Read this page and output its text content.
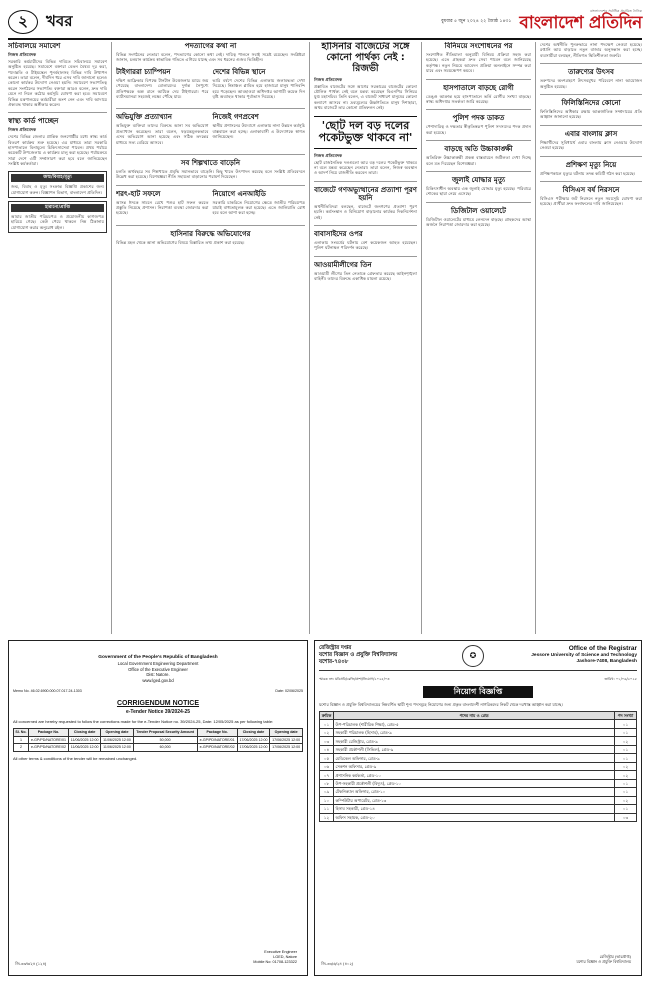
২	খবর	বুধবার ৫ জুন ২০২৪ ২২ জ্যৈষ্ঠ ১৪৩১
বাংলাদেশের সর্বাধিক প্রচারিত দৈনিক
বাংলাদেশ প্রতিদিন
সচিবালয়ে সমাবেশ
নিজস্ব প্রতিবেদক
সরকারি কর্মচারীদের বিভিন্ন দাবিতে সচিবালয়ে সমাবেশ অনুষ্ঠিত হয়েছে। সমাবেশে বক্তারা বেতন বৈষম্য দূর করা, পদোন্নতি ও টাইমস্কেল পুনর্বহালসহ বিভিন্ন দাবি উত্থাপন করেন। তারা বলেন, দীর্ঘদিন ধরে এসব দাবি জানানো হলেও কোনো কার্যকর উদ্যোগ নেওয়া হয়নি। সমাবেশে সভাপতিত্ব করেন সংগঠনের সভাপতি। বক্তারা আরও বলেন, দ্রুত দাবি মেনে না নিলে কঠোর কর্মসূচি ঘোষণা করা হবে। সমাবেশে বিভিন্ন মন্ত্রণালয়ের কর্মচারীরা অংশ নেন এবং দাবি আদায়ে ঐক্যবদ্ধ থাকার অঙ্গীকার করেন।
স্বাস্থ্য কার্ড পাচ্ছেন
নিজস্ব প্রতিবেদক
দেশের বিভিন্ন জেলার প্রান্তিক জনগোষ্ঠীর মধ্যে স্বাস্থ্য কার্ড বিতরণ কার্যক্রম শুরু হয়েছে। এর মাধ্যমে তারা সরকারি হাসপাতালে বিনামূল্যে চিকিৎসাসেবা পাবেন। প্রথম পর্যায়ে কয়েকটি উপজেলায় এ কার্যক্রম চালু করা হয়েছে। পর্যায়ক্রমে সারা দেশে এটি সম্প্রসারণ করা হবে বলে জানিয়েছেন সংশ্লিষ্ট কর্মকর্তারা।
জন্ম/বিবাহ/মৃত্যু
জন্ম, বিবাহ ও মৃত্যু সংক্রান্ত বিজ্ঞপ্তি প্রকাশের জন্য যোগাযোগ করুন। বিজ্ঞাপন বিভাগ, বাংলাদেশ প্রতিদিন।
হারানো/প্রাপ্তি
আমার জাতীয় পরিচয়পত্র ও প্রয়োজনীয় কাগজপত্র হারিয়ে গেছে। কেউ পেয়ে থাকলে নিম্ন ঠিকানায় যোগাযোগ করার অনুরোধ রইল।
পদত্যাগের কথা না
বিভিন্ন সংগঠনের নেতারা বলেন, পদত্যাগের কোনো কথা নেই। দায়িত্ব পালনে সবাই সচেষ্ট রয়েছেন। সংশ্লিষ্টরা জানান, চলমান কার্যক্রম স্বাভাবিক গতিতে এগিয়ে যাচ্ছে এবং সব ধরনের গুজব ভিত্তিহীন।
টাইগাররা চ্যাম্পিয়ন
দক্ষিণ আফ্রিকার বিপক্ষে টানটান উত্তেজনার ম্যাচে জয় পেয়েছে বাংলাদেশ। বোলারদের দুর্দান্ত নৈপুণ্যে প্রতিপক্ষকে অল্প রানে আটকে দেয় টাইগাররা। পরে ব্যাটসম্যানরা সহজেই লক্ষ্যে পৌঁছে যায়।
দেশের বিভিন্ন স্থানে
ভারি বর্ষণে দেশের বিভিন্ন এলাকায় জলাবদ্ধতা দেখা দিয়েছে। নিম্নাঞ্চল প্লাবিত হয়ে হাজারো মানুষ পানিবন্দি হয়ে পড়েছেন। আবহাওয়া অধিদপ্তর আগামী কয়েক দিন বৃষ্টি অব্যাহত থাকার পূর্বাভাস দিয়েছে।
অভিযুক্তি প্রত্যাখ্যান
অভিযুক্ত ব্যক্তিরা তাদের বিরুদ্ধে আনা সব অভিযোগ প্রত্যাখ্যান করেছেন। তারা বলেন, ষড়যন্ত্রমূলকভাবে এসব অভিযোগ আনা হয়েছে এবং সঠিক তদন্তের মাধ্যমে সত্য বেরিয়ে আসবে।
নিজেই গণপ্রবেশ
স্থানীয় প্রশাসনের উদ্যোগে এলাকায় নানা উন্নয়ন কর্মসূচি বাস্তবায়ন করা হচ্ছে। এলাকাবাসী এ উদ্যোগকে স্বাগত জানিয়েছেন।
সব শিল্পখাতে বাড়েনি
চলতি অর্থবছরে সব শিল্পখাতে প্রবৃদ্ধি সমানভাবে বাড়েনি। কিছু খাতে উৎপাদন কমেছে বলে সংশ্লিষ্ট প্রতিবেদনে উল্লেখ করা হয়েছে। বিশেষজ্ঞরা নীতি সহায়তা বাড়ানোর পরামর্শ দিয়েছেন।
শরৎ-হাট সফলে
আসন্ন ঈদকে সামনে রেখে পশুর হাট সফল করতে প্রস্তুতি নিয়েছে প্রশাসন। নিরাপত্তা ব্যবস্থা জোরদার করা হয়েছে।
নিয়োগে এনআইডি
সরকারি চাকরিতে নিয়োগের ক্ষেত্রে জাতীয় পরিচয়পত্র যাচাই বাধ্যতামূলক করা হয়েছে। এতে জালিয়াতি রোধ হবে বলে আশা করা হচ্ছে।
হাসিনার বিরুদ্ধে অভিযোগের
বিভিন্ন মহল থেকে আনা অভিযোগের বিষয়ে বিস্তারিত তথ্য প্রকাশ করা হয়েছে।
হাসিনার বাজেটের সঙ্গে কোনো পার্থক্য নেই : রিজভী
নিজস্ব প্রতিবেদক
প্রস্তাবিত বাজেটের সঙ্গে আগের সরকারের বাজেটের কোনো মৌলিক পার্থক্য নেই বলে মন্তব্য করেছেন বিএনপির সিনিয়র যুগ্ম মহাসচিব। তিনি বলেন, এ বাজেট সাধারণ মানুষের কোনো কল্যাণে আসবে না। দ্রব্যমূল্যের ঊর্ধ্বগতিতে মানুষ দিশাহারা, অথচ বাজেটে তার কোনো প্রতিফলন নেই।
'ছোট দল বড় দলের পকেটভুক্ত থাকবে না'
নিজস্ব প্রতিবেদক
ছোট রাজনৈতিক দলগুলো আর বড় দলের পকেটভুক্ত থাকবে না বলে মন্তব্য করেছেন নেতারা। তারা বলেন, নিজস্ব অবস্থান ও আদর্শ নিয়ে রাজনীতি করবেন তারা।
বাজেটে গণঅভ্যুত্থানের প্রত্যাশা পূরণ হয়নি
অর্থনীতিবিদরা বলছেন, বাজেটে জনগণের প্রত্যাশা পূরণ হয়নি। কর্মসংস্থান ও বিনিয়োগ বাড়ানোর কার্যকর দিকনির্দেশনা নেই।
বাবাসাইদের ওপর
এলাকায় সংঘর্ষের ঘটনায় বেশ কয়েকজন আহত হয়েছেন। পুলিশ ঘটনাস্থল পরিদর্শন করেছে।
আওয়ামীলীগের তিন
আওয়ামী লীগের তিন নেতাকে গ্রেফতার করেছে আইনশৃঙ্খলা বাহিনী। তাদের বিরুদ্ধে একাধিক মামলা রয়েছে।
বিনিময়ে সংশোধনের পর
সংশোধিত নীতিমালা অনুযায়ী বিনিময় প্রক্রিয়া সহজ করা হয়েছে। এতে গ্রাহকরা দ্রুত সেবা পাবেন বলে জানিয়েছে কর্তৃপক্ষ। নতুন নিয়মে আবেদন প্রক্রিয়া অনলাইনে সম্পন্ন করা যাবে এবং সময়ক্ষেপণ কমবে।
হাসপাতালে বাড়ছে রোগী
ডেঙ্গু আক্রান্ত হয়ে হাসপাতালে ভর্তি রোগীর সংখ্যা বাড়ছে। স্বাস্থ্য অধিদপ্তর সতর্কতা জারি করেছে।
পুলিশ পদক ডাকত
পেশাদারিত্ব ও দক্ষতার স্বীকৃতিস্বরূপ পুলিশ সদস্যদের পদক প্রদান করা হয়েছে।
বাড়ছে অতি উচ্চাকাঙ্ক্ষী
অতিরিক্ত উচ্চাকাঙ্ক্ষী প্রকল্প বাস্তবায়নে জটিলতা দেখা দিচ্ছে বলে মত দিয়েছেন বিশেষজ্ঞরা।
জুলাই যোদ্ধার মৃত্যু
চিকিৎসাধীন অবস্থায় এক জুলাই যোদ্ধার মৃত্যু হয়েছে। পরিবারে শোকের ছায়া নেমে এসেছে।
ডিজিটাল ওয়ালেটে
ডিজিটাল ওয়ালেটের মাধ্যমে লেনদেন বাড়ছে। গ্রাহকদের আস্থা অর্জনে নিরাপত্তা জোরদার করা হয়েছে।
দেশের অর্থনীতি পুনরুদ্ধারে নানা পদক্ষেপ নেওয়া হয়েছে। রপ্তানি আয় বাড়াতে নতুন বাজার অনুসন্ধান করা হচ্ছে। ব্যবসায়ীরা বলছেন, নীতিগত স্থিতিশীলতা জরুরি।
তারুণ্যের উৎসব
তরুণদের অংশগ্রহণে উৎসবমুখর পরিবেশে নানা আয়োজন অনুষ্ঠিত হয়েছে।
ফিলিস্তিনিদের কোনো
ফিলিস্তিনিদের অধিকার রক্ষায় আন্তর্জাতিক সম্প্রদায়ের প্রতি আহ্বান জানানো হয়েছে।
এবার বাংলায় ক্লাস
শিক্ষার্থীদের সুবিধার্থে এবার বাংলায় ক্লাস নেওয়ার উদ্যোগ নেওয়া হয়েছে।
প্রশিক্ষণ মৃত্যু নিয়ে
প্রশিক্ষণকালে মৃত্যুর ঘটনায় তদন্ত কমিটি গঠন করা হয়েছে।
বিসিএস বর্ষ নিরসনে
বিসিএস পরীক্ষার জট নিরসনে নতুন সময়সূচি ঘোষণা করা হয়েছে। প্রার্থীরা দ্রুত ফলাফলের দাবি জানিয়েছেন।
Government of the People's Republic of Bangladesh
Local Government Engineering Department
Office of the Executive Engineer
Dist: Natore.
www.lged.gov.bd
Memo No. 46.02.6900.000.07.017.24-1303	Date: 02/06/2025
CORRIGENDUM NOTICE
e-Tender Notice 39/2024-25
All concerned are hereby requested to follow the corrections made for the e-Tender Notice no. 39/2024-25, Date: 12/05/2025 as per following table:
Sl. No.	Package No.	Closing date	Opening date	Tender Proposal Security Amount	Package No.	Closing date	Opening date
1	e-GP/PD/NATORE/01	11/06/2025 12:00	11/06/2025 12:00	50,000	e-GP/PD/NATORE/01	17/06/2025 12:00	17/06/2025 12:00
2	e-GP/PD/NATORE/02	11/06/2025 12:00	11/06/2025 12:00	60,000	e-GP/PD/NATORE/02	17/06/2025 12:00	17/06/2025 12:00
All other terms & conditions of the tender will be remained unchanged.
Executive Engineer
LGED, Natore
Mobile No: 01708-123322
জি-৩৩/৬/২৪ (১২৪)
রেজিস্ট্রার দপ্তর
যশোর বিজ্ঞান ও প্রযুক্তি বিশ্ববিদ্যালয়
যশোর-৭৪০৮
✪
Office of the Registrar
Jessore University of Science and Technology
Jashore-7408, Bangladesh
স্মারক নং: যবিপ্রবি/রেজি/প্রশা/নিয়োগ/২০২৫/০৩	তারিখ: ০১/০৬/২০২৫
নিয়োগ বিজ্ঞপ্তি
যশোর বিজ্ঞান ও প্রযুক্তি বিশ্ববিদ্যালয়ের নিম্নবর্ণিত স্থায়ী শূন্য পদসমূহে নিয়োগের জন্য প্রকৃত বাংলাদেশী নাগরিকদের নিকট থেকে দরখাস্ত আহ্বান করা যাচ্ছে।
ক্রমিক	পদের নাম ও গ্রেড	পদ সংখ্যা
০১	উপ-পরিচালক (শারীরিক শিক্ষা), গ্রেড-৫	০১
০২	সহকারী পরিচালক (হিসাব), গ্রেড-৯	০১
০৩	সহকারী রেজিস্ট্রার, গ্রেড-৯	০২
০৪	সহকারী প্রকৌশলী (সিভিল), গ্রেড-৯	০১
০৫	মেডিকেল অফিসার, গ্রেড-৯	০১
০৬	সেকশন অফিসার, গ্রেড-৯	০২
০৭	প্রশাসনিক কর্মকর্তা, গ্রেড-১০	০২
০৮	উপ-সহকারী প্রকৌশলী (বিদ্যুৎ), গ্রেড-১০	০১
০৯	টেকনিক্যাল অফিসার, গ্রেড-১০	০১
১০	কম্পিউটার অপারেটর, গ্রেড-১৩	০২
১১	হিসাব সহকারী, গ্রেড-১৪	০১
১২	অফিস সহায়ক, গ্রেড-২০	০৩
জি-৩৩/৬/২৪ (৪০২)
রেজিস্ট্রার (ভারপ্রাপ্ত)
যশোর বিজ্ঞান ও প্রযুক্তি বিশ্ববিদ্যালয়
